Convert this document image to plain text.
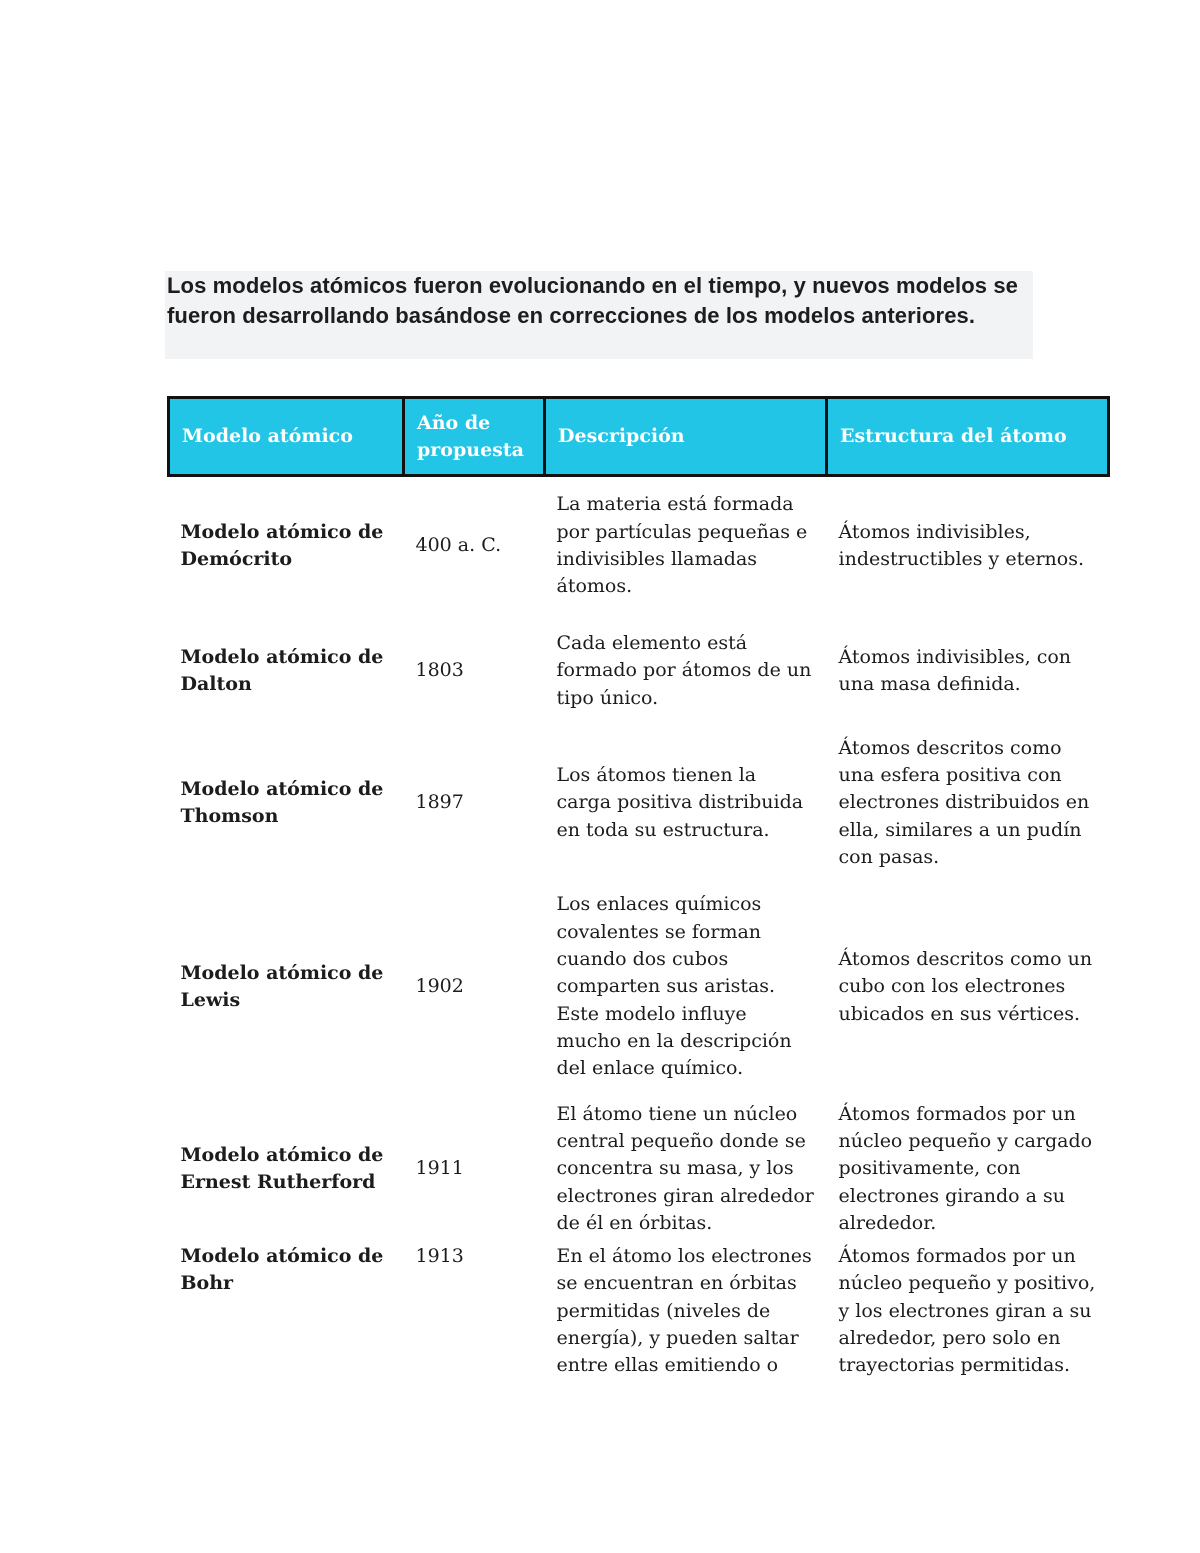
Los modelos atómicos fueron evolucionando en el tiempo, y nuevos modelos se fueron desarrollando basándose en correcciones de los modelos anteriores.
Modelo atómico	Año de propuesta	Descripción	Estructura del átomo
Modelo atómico de Demócrito	400 a. C.	La materia está formada por partículas pequeñas e indivisibles llamadas átomos.	Átomos indivisibles, indestructibles y eternos.
Modelo atómico de Dalton	1803	Cada elemento está formado por átomos de un tipo único.	Átomos indivisibles, con una masa definida.
Modelo atómico de Thomson	1897	Los átomos tienen la carga positiva distribuida en toda su estructura.	Átomos descritos como una esfera positiva con electrones distribuidos en ella, similares a un pudín con pasas.
Modelo atómico de Lewis	1902	Los enlaces químicos covalentes se forman cuando dos cubos comparten sus aristas. Este modelo influye mucho en la descripción del enlace químico.	Átomos descritos como un cubo con los electrones ubicados en sus vértices.
Modelo atómico de Ernest Rutherford	1911	El átomo tiene un núcleo central pequeño donde se concentra su masa, y los electrones giran alrededor de él en órbitas.	Átomos formados por un núcleo pequeño y cargado positivamente, con electrones girando a su alrededor.
Modelo atómico de Bohr	1913	En el átomo los electrones se encuentran en órbitas permitidas (niveles de energía), y pueden saltar entre ellas emitiendo o	Átomos formados por un núcleo pequeño y positivo, y los electrones giran a su alrededor, pero solo en trayectorias permitidas.
